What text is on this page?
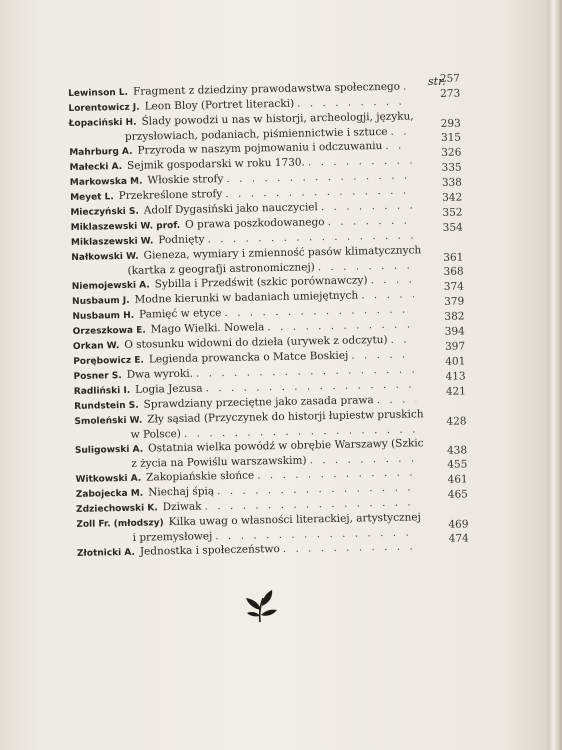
str.
Lewinson L. Fragment z dziedziny prawodawstwa społecznego
. . .
257
Lorentowicz J. Leon Bloy (Portret literacki)
. . .
273
Łopaciński H. Ślady powodzi u nas w historji, archeologji, języku,
przysłowiach, podaniach, piśmiennictwie i sztuce
. . .
293
Mahrburg A. Przyroda w naszym pojmowaniu i odczuwaniu
. . .
315
Małecki A. Sejmik gospodarski w roku 1730.
. . .
326
Markowska M. Włoskie strofy
. . .
335
Meyet L. Przekreślone strofy
. . .
338
Mieczyński S. Adolf Dygasiński jako nauczyciel
. . .
342
Miklaszewski W. prof. O prawa poszkodowanego
. . .
352
Miklaszewski W. Podnięty
. . .
354
Nałkowski W. Gieneza, wymiary i zmienność pasów klimatycznych
(kartka z geografji astronomicznej)
. . .
361
Niemojewski A. Sybilla i Przedświt (szkic porównawczy)
. . .
368
Nusbaum J. Modne kierunki w badaniach umiejętnych
. . .
374
Nusbaum H. Pamięć w etyce
. . .
379
Orzeszkowa E. Mago Wielki. Nowela
. . .
382
Orkan W. O stosunku widowni do dzieła (urywek z odczytu)
. . .
394
Porębowicz E. Legienda prowancka o Matce Boskiej
. . .
397
Posner S. Dwa wyroki.
. . .
401
Radliński I. Logia Jezusa
. . .
413
Rundstein S. Sprawdziany przeciętne jako zasada prawa
. . .
421
Smoleński W. Zły sąsiad (Przyczynek do historji łupiestw pruskich
w Polsce)
. . .
428
Suligowski A. Ostatnia wielka powódź w obrębie Warszawy (Szkic
z życia na Powiślu warszawskim)
. . .
438
Witkowski A. Zakopiańskie słońce
. . .
455
Zabojecka M. Niechaj śpią
. . .
461
Zdziechowski K. Dziwak
. . .
465
Zoll Fr. (młodszy) Kilka uwag o własności literackiej, artystycznej
i przemysłowej
. . .
469
Złotnicki A. Jednostka i społeczeństwo
. . .
474
